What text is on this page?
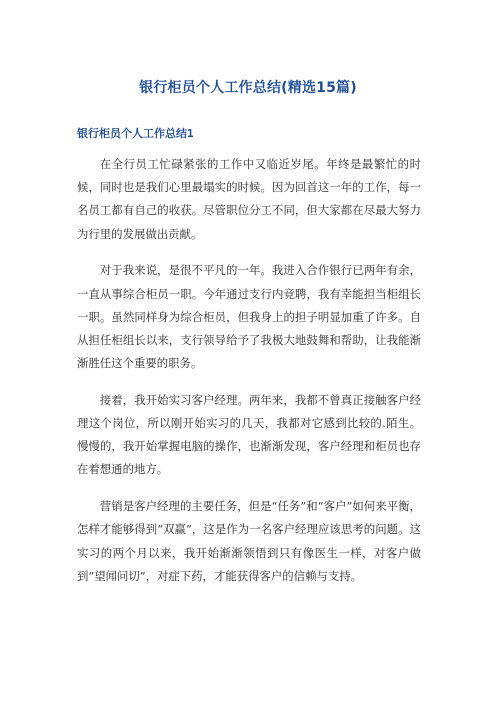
银行柜员个人工作总结(精选15篇)
银行柜员个人工作总结1

在全行员工忙碌紧张的工作中又临近岁尾。年终是最繁忙的时候，同时也是我们心里最塌实的时候。因为回首这一年的工作，每一名员工都有自己的收获。尽管职位分工不同，但大家都在尽最大努力为行里的发展做出贡献。

对于我来说，是很不平凡的一年。我进入合作银行已两年有余，一直从事综合柜员一职。今年通过支行内竞聘，我有幸能担当柜组长一职。虽然同样身为综合柜员，但我身上的担子明显加重了许多。自从担任柜组长以来，支行领导给予了我极大地鼓舞和帮助，让我能渐渐胜任这个重要的职务。

接着，我开始实习客户经理。两年来，我都不曾真正接触客户经理这个岗位，所以刚开始实习的几天，我都对它感到比较的.陌生。慢慢的，我开始掌握电脑的操作，也渐渐发现，客户经理和柜员也存在着想通的地方。

营销是客户经理的主要任务，但是“任务”和“客户”如何来平衡，怎样才能够得到“双赢”，这是作为一名客户经理应该思考的问题。这实习的两个月以来，我开始渐渐领悟到只有像医生一样，对客户做到“望闻问切”，对症下药，才能获得客户的信赖与支持。
